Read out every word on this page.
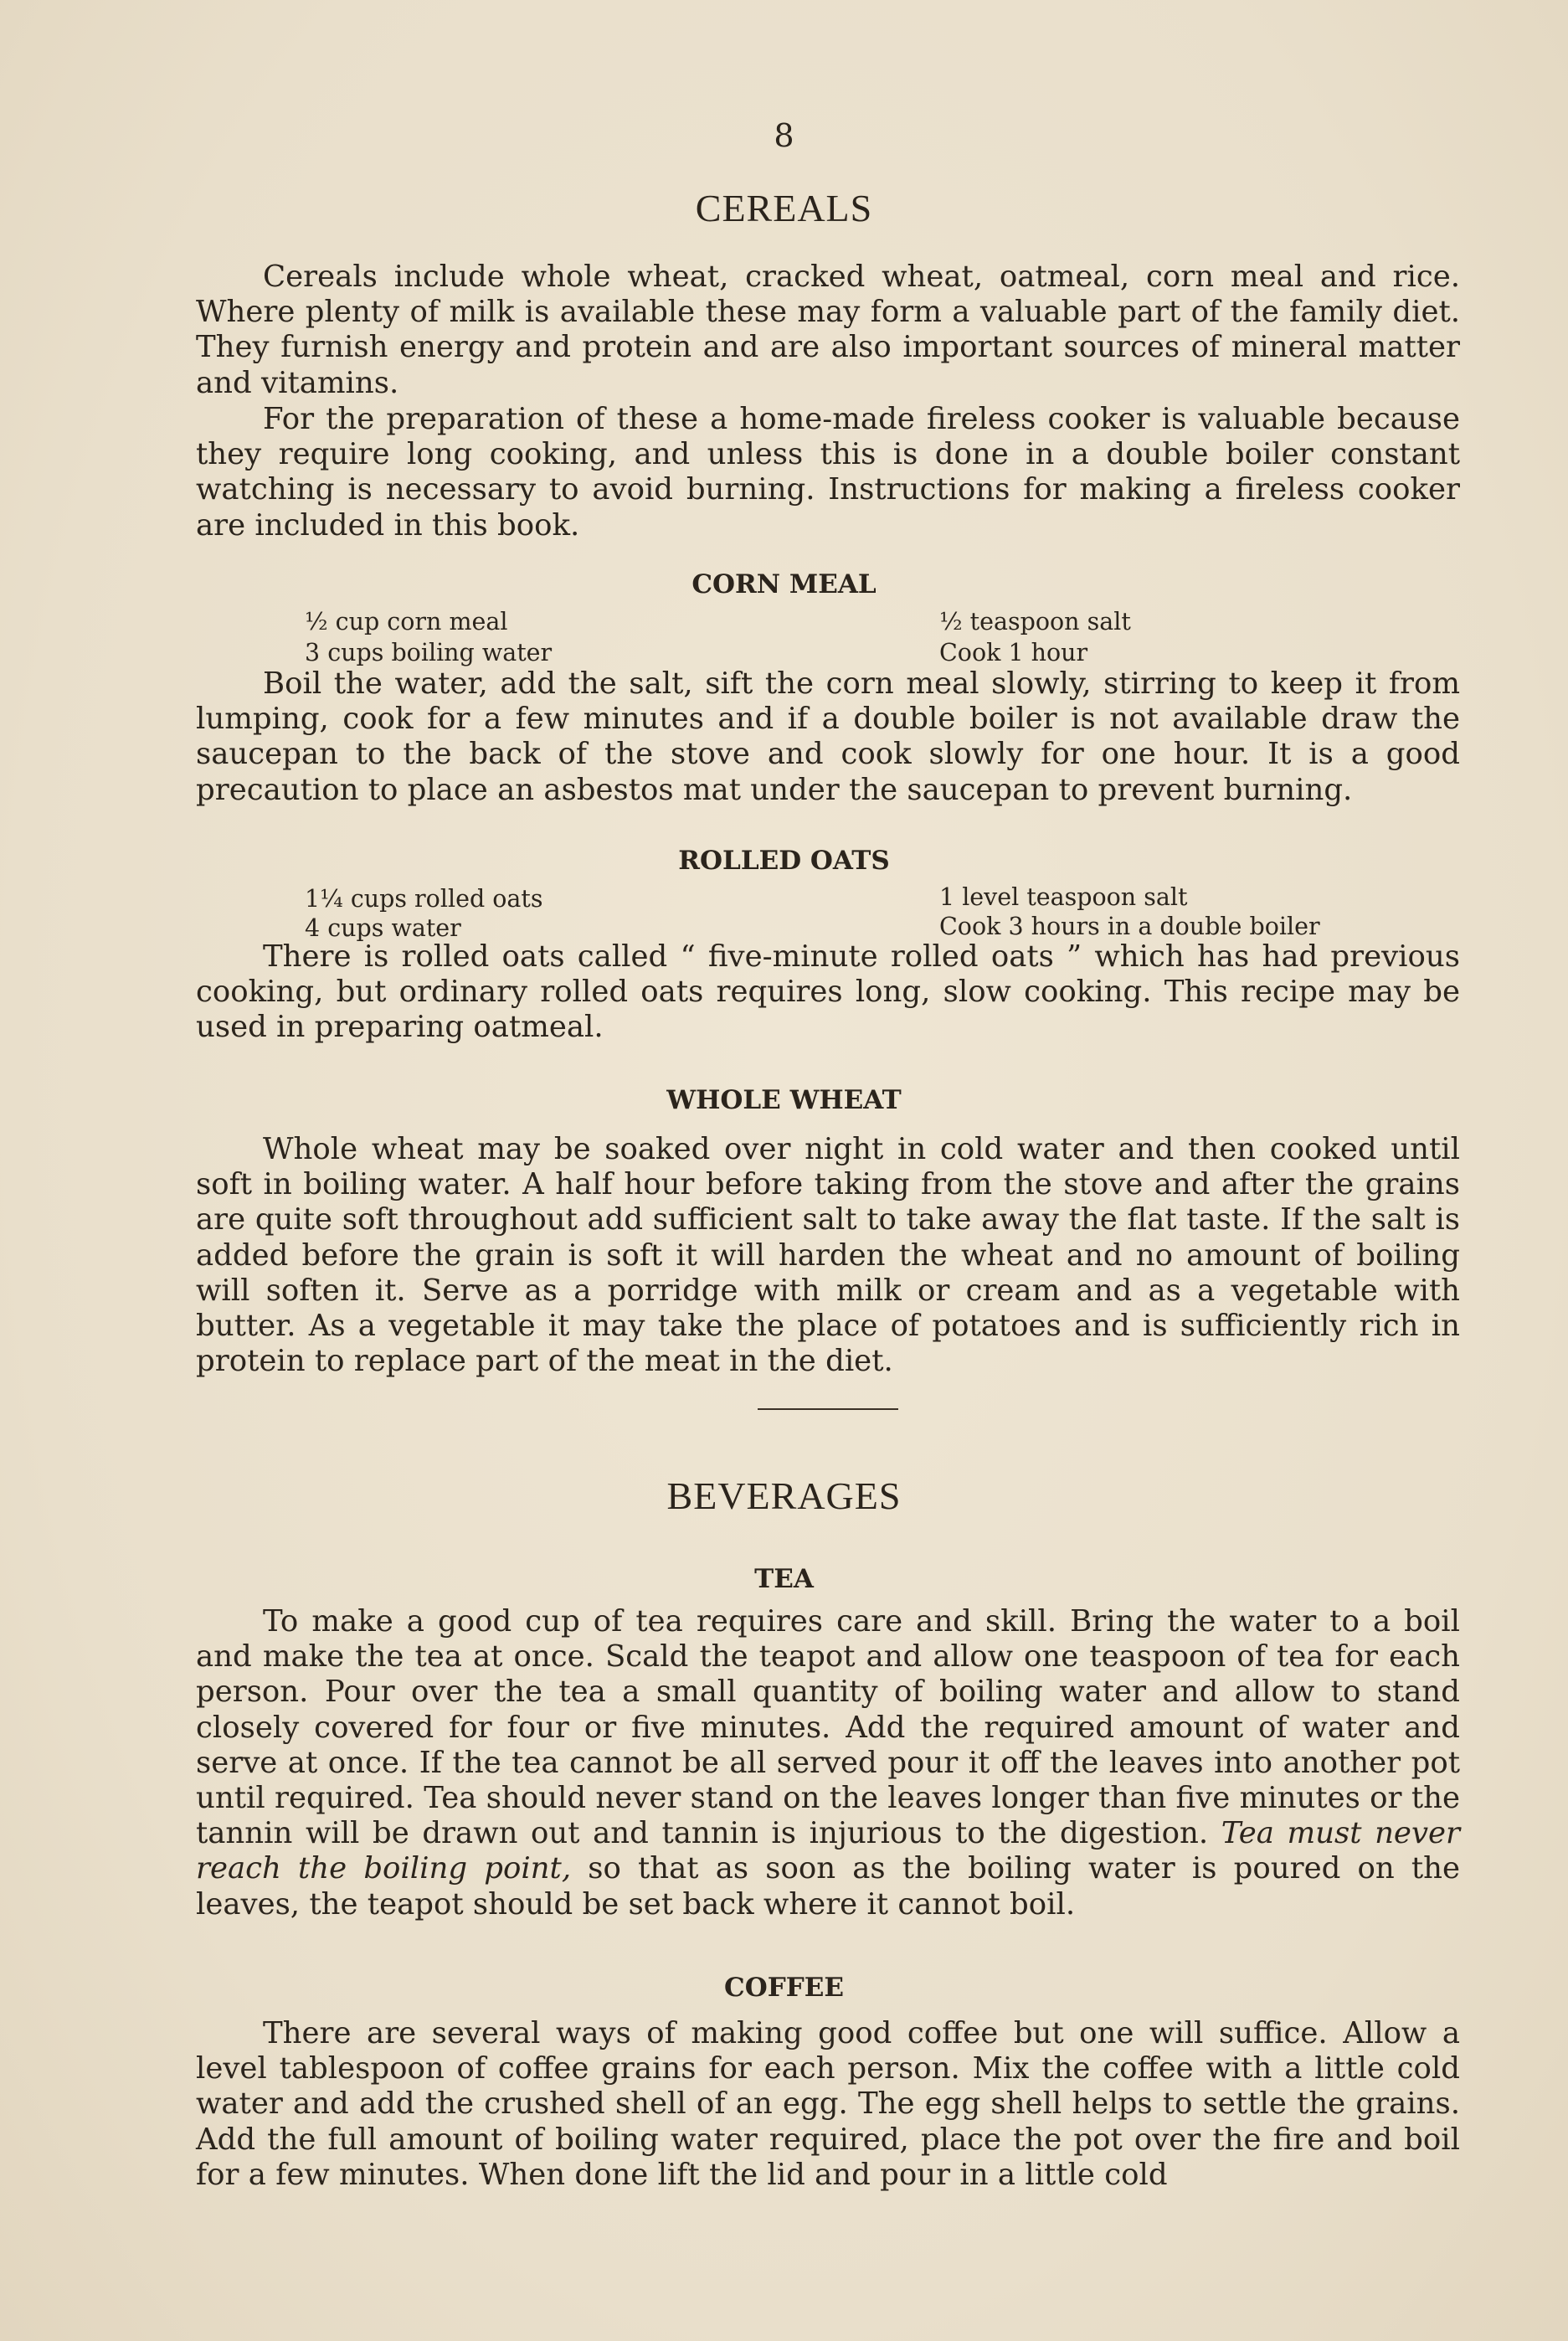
8
CEREALS

Cereals include whole wheat, cracked wheat, oatmeal, corn meal and rice. Where plenty of milk is available these may form a valuable part of the family diet. They furnish energy and protein and are also important sources of mineral matter and vitamins.

For the preparation of these a home-made fireless cooker is valuable because they require long cooking, and unless this is done in a double boiler constant watching is necessary to avoid burning. Instructions for making a fireless cooker are included in this book.

CORN MEAL
½ cup corn meal
3 cups boiling water
½ teaspoon salt
Cook 1 hour

Boil the water, add the salt, sift the corn meal slowly, stirring to keep it from lumping, cook for a few minutes and if a double boiler is not available draw the saucepan to the back of the stove and cook slowly for one hour. It is a good precaution to place an asbestos mat under the saucepan to prevent burning.

ROLLED OATS
1¼ cups rolled oats
4 cups water
1 level teaspoon salt
Cook 3 hours in a double boiler

There is rolled oats called “ five-minute rolled oats ” which has had previous cooking, but ordinary rolled oats requires long, slow cooking. This recipe may be used in preparing oatmeal.

WHOLE WHEAT

Whole wheat may be soaked over night in cold water and then cooked until soft in boiling water. A half hour before taking from the stove and after the grains are quite soft throughout add sufficient salt to take away the flat taste. If the salt is added before the grain is soft it will harden the wheat and no amount of boiling will soften it. Serve as a porridge with milk or cream and as a vegetable with butter. As a vegetable it may take the place of potatoes and is sufficiently rich in protein to replace part of the meat in the diet.

BEVERAGES
TEA

To make a good cup of tea requires care and skill. Bring the water to a boil and make the tea at once. Scald the teapot and allow one teaspoon of tea for each person. Pour over the tea a small quantity of boiling water and allow to stand closely covered for four or five minutes. Add the required amount of water and serve at once. If the tea cannot be all served pour it off the leaves into another pot until required. Tea should never stand on the leaves longer than five minutes or the tannin will be drawn out and tannin is injurious to the digestion. Tea must never reach the boiling point, so that as soon as the boiling water is poured on the leaves, the teapot should be set back where it cannot boil.

COFFEE

There are several ways of making good coffee but one will suffice. Allow a level tablespoon of coffee grains for each person. Mix the coffee with a little cold water and add the crushed shell of an egg. The egg shell helps to settle the grains. Add the full amount of boiling water required, place the pot over the fire and boil for a few minutes. When done lift the lid and pour in a little cold
